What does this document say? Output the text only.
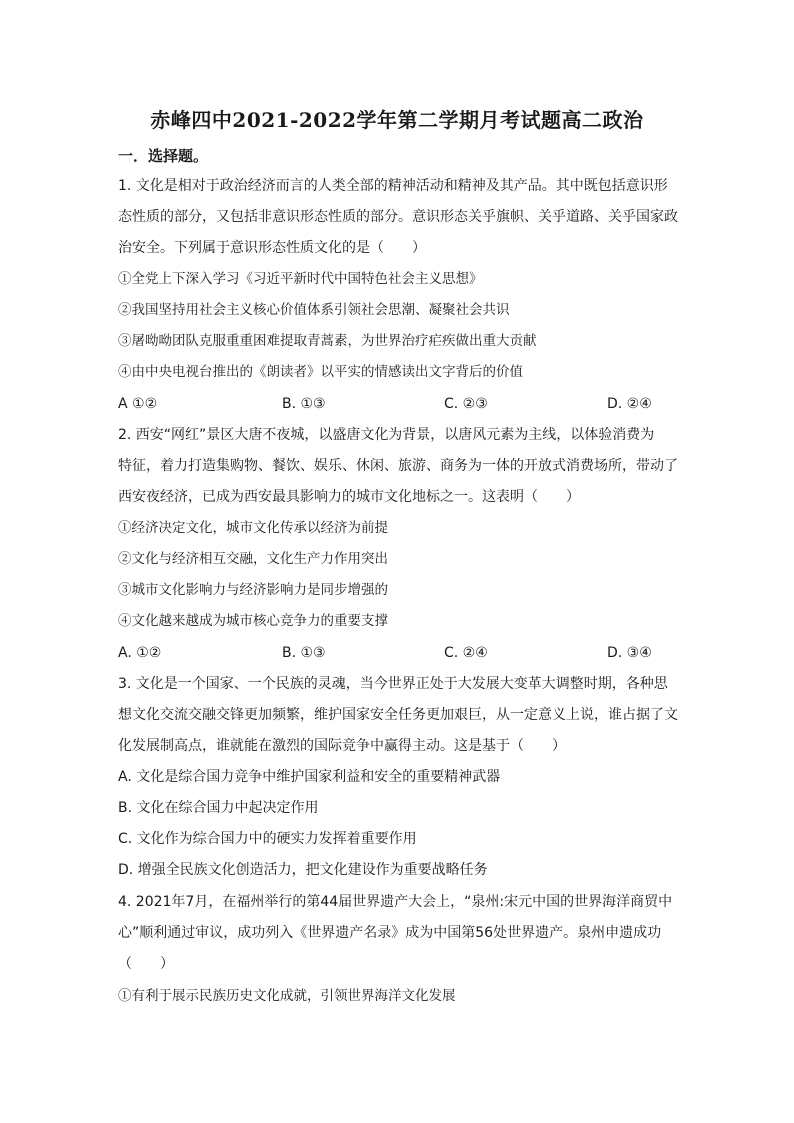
赤峰四中2021-2022学年第二学期月考试题高二政治
一．选择题。
1. 文化是相对于政治经济而言的人类全部的精神活动和精神及其产品。其中既包括意识形
态性质的部分，又包括非意识形态性质的部分。意识形态关乎旗帜、关乎道路、关乎国家政
治安全。下列属于意识形态性质文化的是（　　）
①全党上下深入学习《习近平新时代中国特色社会主义思想》
②我国坚持用社会主义核心价值体系引领社会思潮、凝聚社会共识
③屠呦呦团队克服重重困难提取青蒿素，为世界治疗疟疾做出重大贡献
④由中央电视台推出的《朗读者》以平实的情感读出文字背后的价值
A ①②	B. ①③	C. ②③	D. ②④
2. 西安“网红”景区大唐不夜城，以盛唐文化为背景，以唐风元素为主线，以体验消费为
特征，着力打造集购物、餐饮、娱乐、休闲、旅游、商务为一体的开放式消费场所，带动了
西安夜经济，已成为西安最具影响力的城市文化地标之一。这表明（　　）
①经济决定文化，城市文化传承以经济为前提
②文化与经济相互交融，文化生产力作用突出
③城市文化影响力与经济影响力是同步增强的
④文化越来越成为城市核心竞争力的重要支撑
A. ①②	B. ①③	C. ②④	D. ③④
3. 文化是一个国家、一个民族的灵魂，当今世界正处于大发展大变革大调整时期，各种思
想文化交流交融交锋更加频繁，维护国家安全任务更加艰巨，从一定意义上说，谁占据了文
化发展制高点，谁就能在激烈的国际竞争中赢得主动。这是基于（　　）
A. 文化是综合国力竞争中维护国家利益和安全的重要精神武器
B. 文化在综合国力中起决定作用
C. 文化作为综合国力中的硬实力发挥着重要作用
D. 增强全民族文化创造活力，把文化建设作为重要战略任务
4. 2021年7月，在福州举行的第44届世界遗产大会上，“泉州:宋元中国的世界海洋商贸中
心”顺利通过审议，成功列入《世界遗产名录》成为中国第56处世界遗产。泉州申遗成功
（　　）
①有利于展示民族历史文化成就，引领世界海洋文化发展
